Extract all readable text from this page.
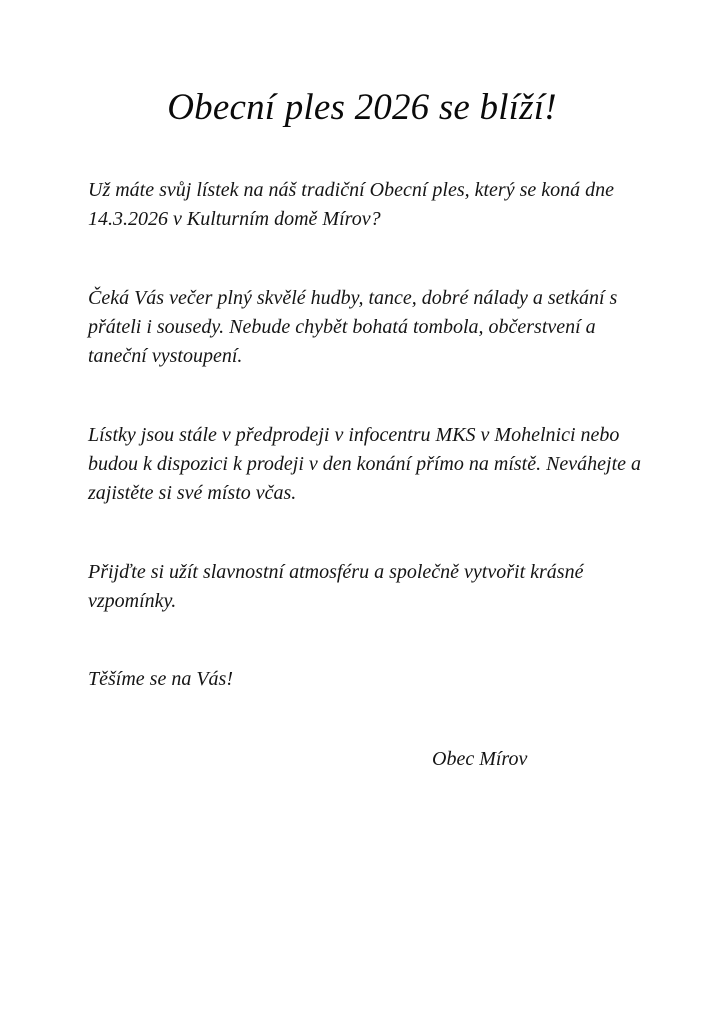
Obecní ples 2026 se blíží!

Už máte svůj lístek na náš tradiční Obecní ples, který se koná dne 14.3.2026 v Kulturním domě Mírov?

Čeká Vás večer plný skvělé hudby, tance, dobré nálady a setkání s přáteli i sousedy. Nebude chybět bohatá tombola, občerstvení a taneční vystoupení.

Lístky jsou stále v předprodeji v infocentru MKS v Mohelnici nebo budou k dispozici k prodeji v den konání přímo na místě. Neváhejte a zajistěte si své místo včas.

Přijďte si užít slavnostní atmosféru a společně vytvořit krásné vzpomínky.

Těšíme se na Vás!

Obec Mírov
